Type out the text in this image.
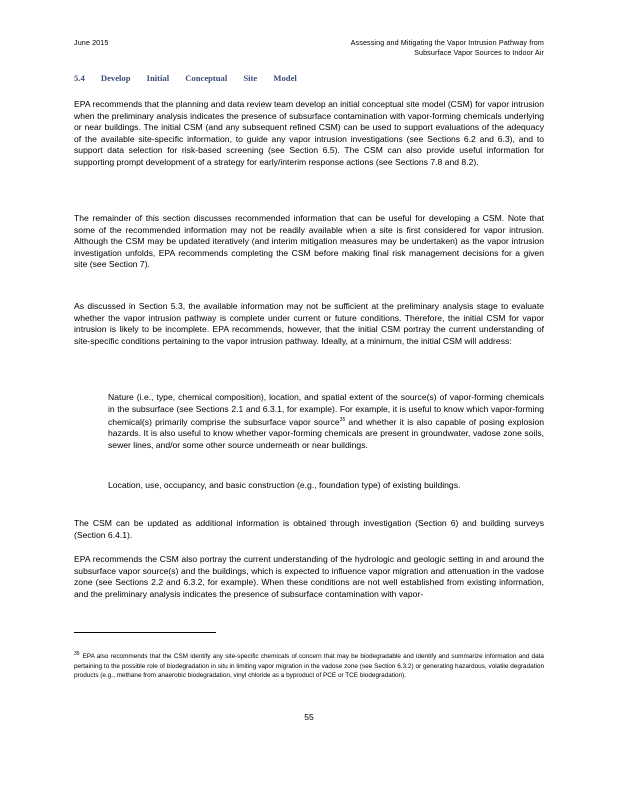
June 2015	Assessing and Mitigating the Vapor Intrusion Pathway from
Subsurface Vapor Sources to Indoor Air
5.4 Develop Initial Conceptual Site Model
EPA recommends that the planning and data review team develop an initial conceptual site model (CSM) for vapor intrusion when the preliminary analysis indicates the presence of subsurface contamination with vapor-forming chemicals underlying or near buildings. The initial CSM (and any subsequent refined CSM) can be used to support evaluations of the adequacy of the available site-specific information, to guide any vapor intrusion investigations (see Sections 6.2 and 6.3), and to support data selection for risk-based screening (see Section 6.5). The CSM can also provide useful information for supporting prompt development of a strategy for early/interim response actions (see Sections 7.8 and 8.2).
The remainder of this section discusses recommended information that can be useful for developing a CSM. Note that some of the recommended information may not be readily available when a site is first considered for vapor intrusion. Although the CSM may be updated iteratively (and interim mitigation measures may be undertaken) as the vapor intrusion investigation unfolds, EPA recommends completing the CSM before making final risk management decisions for a given site (see Section 7).
As discussed in Section 5.3, the available information may not be sufficient at the preliminary analysis stage to evaluate whether the vapor intrusion pathway is complete under current or future conditions. Therefore, the initial CSM for vapor intrusion is likely to be incomplete. EPA recommends, however, that the initial CSM portray the current understanding of site-specific conditions pertaining to the vapor intrusion pathway. Ideally, at a minimum, the initial CSM will address:
Nature (i.e., type, chemical composition), location, and spatial extent of the source(s) of vapor-forming chemicals in the subsurface (see Sections 2.1 and 6.3.1, for example). For example, it is useful to know which vapor-forming chemical(s) primarily comprise the subsurface vapor source$^{35}$ and whether it is also capable of posing explosion hazards. It is also useful to know whether vapor-forming chemicals are present in groundwater, vadose zone soils, sewer lines, and/or some other source underneath or near buildings.
Location, use, occupancy, and basic construction (e.g., foundation type) of existing buildings.
The CSM can be updated as additional information is obtained through investigation (Section 6) and building surveys (Section 6.4.1).
EPA recommends the CSM also portray the current understanding of the hydrologic and geologic setting in and around the subsurface vapor source(s) and the buildings, which is expected to influence vapor migration and attenuation in the vadose zone (see Sections 2.2 and 6.3.2, for example). When these conditions are not well established from existing information, and the preliminary analysis indicates the presence of subsurface contamination with vapor-
$^{35}$ EPA also recommends that the CSM identify any site-specific chemicals of concern that may be biodegradable and identify and summarize information and data pertaining to the possible role of biodegradation in situ in limiting vapor migration in the vadose zone (see Section 6.3.2) or generating hazardous, volatile degradation products (e.g., methane from anaerobic biodegradation, vinyl chloride as a byproduct of PCE or TCE biodegradation).
55
